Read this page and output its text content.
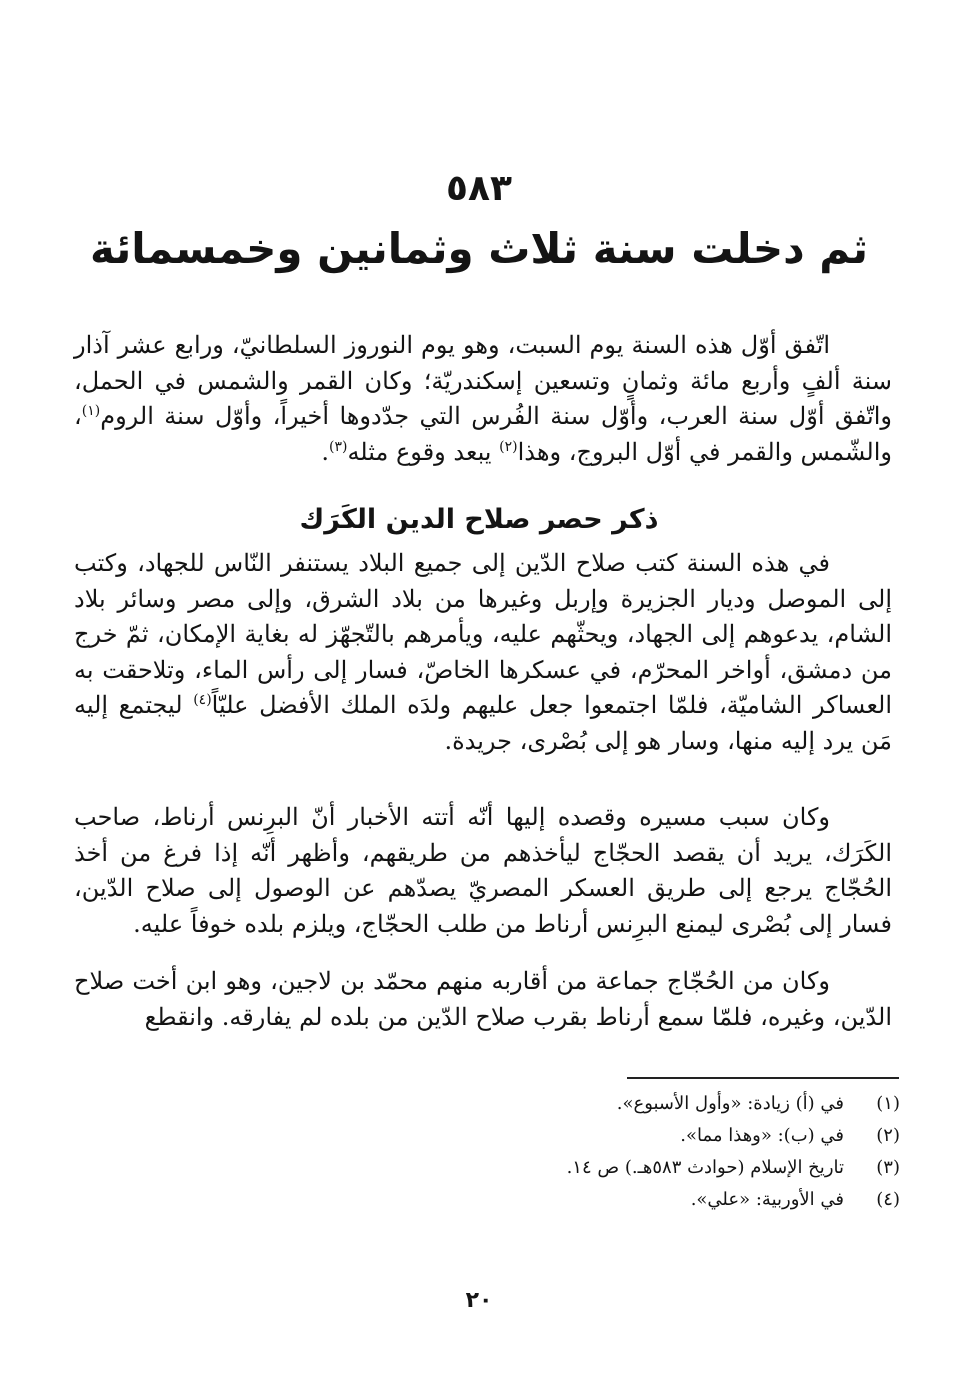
٥٨٣
ثم دخلت سنة ثلاث وثمانين وخمسمائة

اتّفق أوّل هذه السنة يوم السبت، وهو يوم النوروز السلطانيّ، ورابع عشر آذار سنة ألفٍ وأربع مائة وثمانٍ وتسعين إسكندريّة؛ وكان القمر والشمس في الحمل، واتّفق أوّل سنة العرب، وأوّل سنة الفُرس التي جدّدوها أخيراً، وأوّل سنة الروم$^{(١)}$، والشّمس والقمر في أوّل البروج، وهذا$^{(٢)}$ يبعد وقوع مثله$^{(٣)}$.

ذكر حصر صلاح الدين الكَرَك

في هذه السنة كتب صلاح الدّين إلى جميع البلاد يستنفر النّاس للجهاد، وكتب إلى الموصل وديار الجزيرة وإربل وغيرها من بلاد الشرق، وإلى مصر وسائر بلاد الشام، يدعوهم إلى الجهاد، ويحثّهم عليه، ويأمرهم بالتّجهّز له بغاية الإمكان، ثمّ خرج من دمشق، أواخر المحرّم، في عسكرها الخاصّ، فسار إلى رأس الماء، وتلاحقت به العساكر الشاميّة، فلمّا اجتمعوا جعل عليهم ولدَه الملك الأفضل عليّاً$^{(٤)}$ ليجتمع إليه مَن يرد إليه منها، وسار هو إلى بُصْرى، جريدة.

وكان سبب مسيره وقصده إليها أنّه أتته الأخبار أنّ البرِنس أرناط، صاحب الكَرَك، يريد أن يقصد الحجّاج ليأخذهم من طريقهم، وأظهر أنّه إذا فرغ من أخذ الحُجّاج يرجع إلى طريق العسكر المصريّ يصدّهم عن الوصول إلى صلاح الدّين، فسار إلى بُصْرى ليمنع البرِنس أرناط من طلب الحجّاج، ويلزم بلده خوفاً عليه.

وكان من الحُجّاج جماعة من أقاربه منهم محمّد بن لاجين، وهو ابن أخت صلاح الدّين، وغيره، فلمّا سمع أرناط بقرب صلاح الدّين من بلده لم يفارقه. وانقطع

(١)
في (أ) زيادة: «وأول الأسبوع».
(٢)
في (ب): «وهذا مما».
(٣)
تاريخ الإسلام (حوادث ٥٨٣هـ.) ص ١٤.
(٤)
في الأوربية: «علي».
٢٠
